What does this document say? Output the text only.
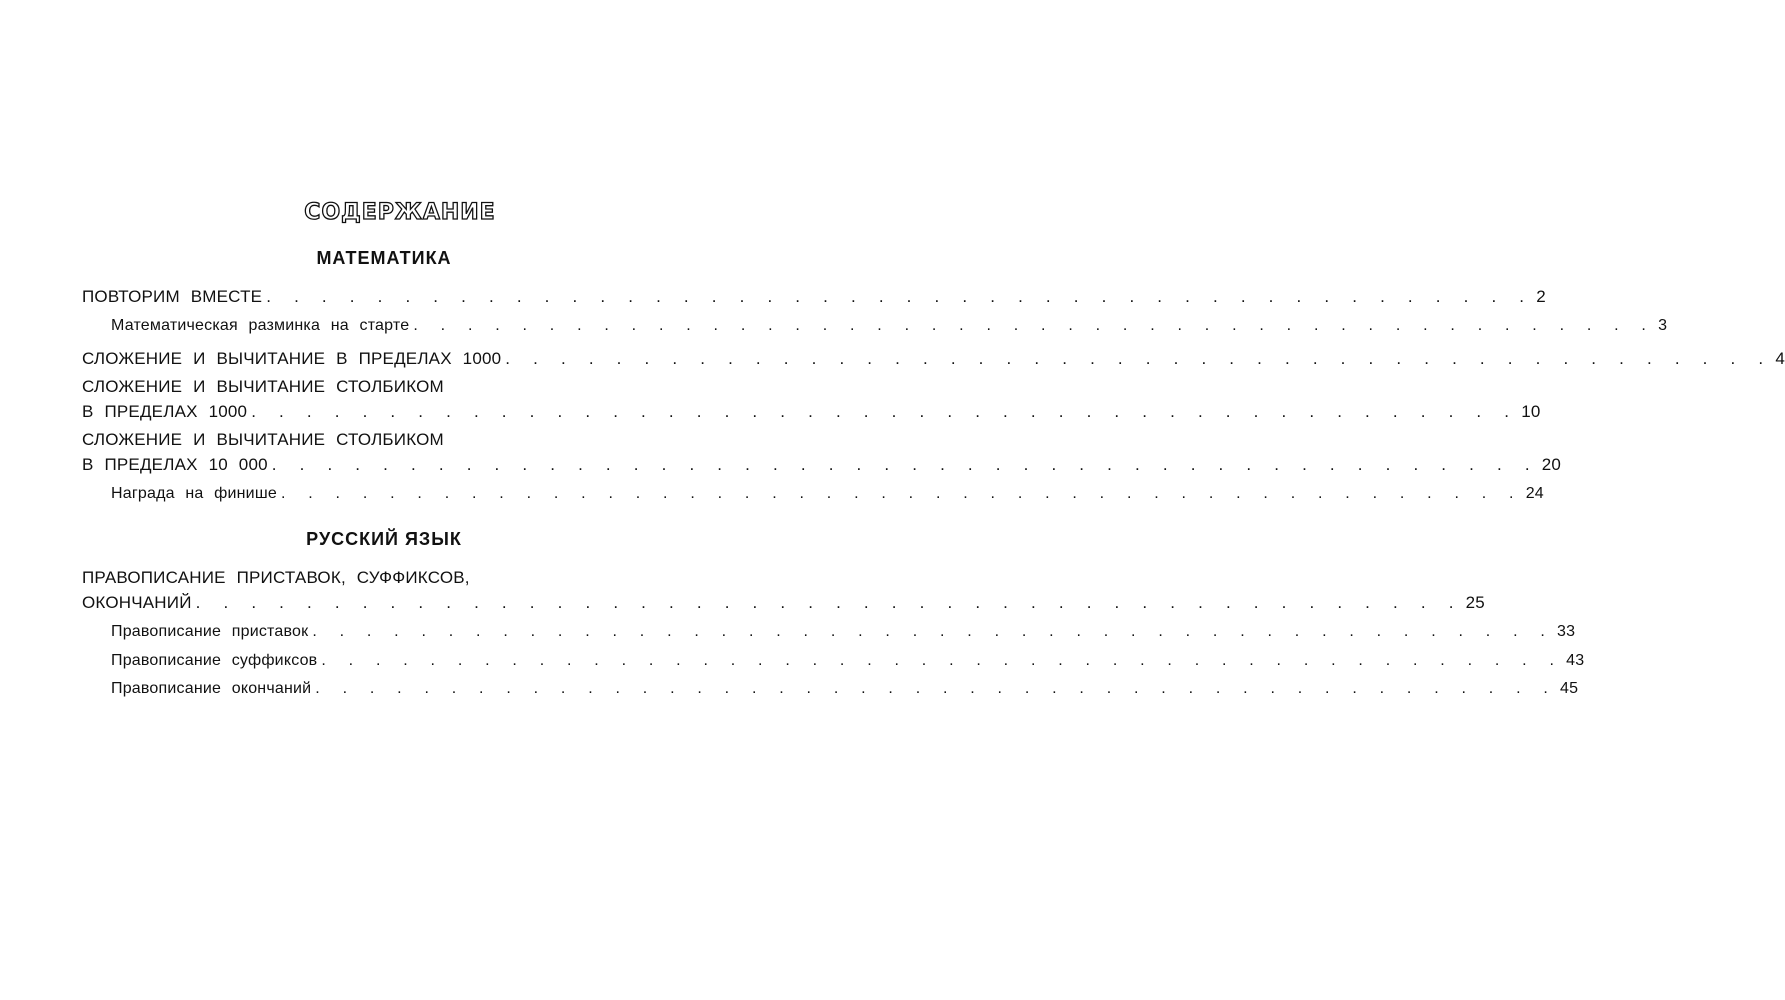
СОДЕРЖАНИЕ
МАТЕМАТИКА
ПОВТОРИМ ВМЕСТЕ . . . . . . . . . . . . . . . . . . . . . . . . . . . . . . . . . . . . . . . . . . . . . . 2
Математическая разминка на старте . . . . . . . . . . . . . . . . . . . . . . . . . . . . . . . . . . . . . . . . . . . . . . 3
СЛОЖЕНИЕ И ВЫЧИТАНИЕ В ПРЕДЕЛАХ 1000 . . . . . . . . . . . . . . . . . . . . . . . . . . . . . . . . . . . . . . . . . . . . . . 4
СЛОЖЕНИЕ И ВЫЧИТАНИЕ СТОЛБИКОМ
В ПРЕДЕЛАХ 1000 . . . . . . . . . . . . . . . . . . . . . . . . . . . . . . . . . . . . . . . . . . . . . . 10
СЛОЖЕНИЕ И ВЫЧИТАНИЕ СТОЛБИКОМ
В ПРЕДЕЛАХ 10 000 . . . . . . . . . . . . . . . . . . . . . . . . . . . . . . . . . . . . . . . . . . . . . . 20
Награда на финише . . . . . . . . . . . . . . . . . . . . . . . . . . . . . . . . . . . . . . . . . . . . . . 24
РУССКИЙ ЯЗЫК
ПРАВОПИСАНИЕ ПРИСТАВОК, СУФФИКСОВ,
ОКОНЧАНИЙ . . . . . . . . . . . . . . . . . . . . . . . . . . . . . . . . . . . . . . . . . . . . . . 25
Правописание приставок . . . . . . . . . . . . . . . . . . . . . . . . . . . . . . . . . . . . . . . . . . . . . . 33
Правописание суффиксов . . . . . . . . . . . . . . . . . . . . . . . . . . . . . . . . . . . . . . . . . . . . . . 43
Правописание окончаний . . . . . . . . . . . . . . . . . . . . . . . . . . . . . . . . . . . . . . . . . . . . . . 45
